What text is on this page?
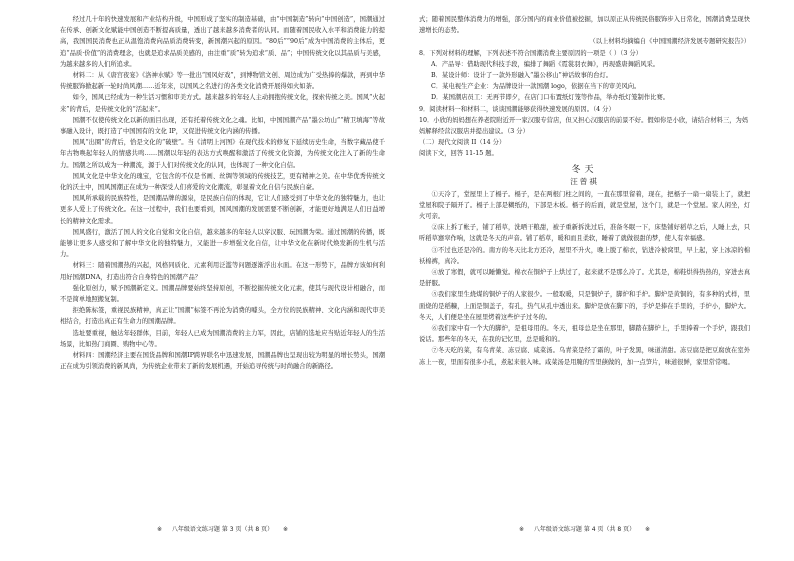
经过几十年的快速发展和产业结构升级，中国形成了坚实的制造基础，由“中国制造”转向“中国创造”，国潮通过在传承、创新文化赋能中国创造不断提高质量，透出了越来越多消费者的认同。而随着国民收入水平和消费能力的提高，我国国民消费也正从温饱消费向品质消费转变，新国潮兴起的原因。“80后”“90后”成为中国消费的主体后，更追“品质·价值”的消费理念，也就是追求品质美感的，由注重“质”转为追求“质、品”；中国传统文化以其品质与美感，为越来越多的人们所追求。

材料二：从《唐宫夜宴》《洛神水赋》等一批出“国风好戏”，到博物馆文创、周边成为广受热捧的爆款，再到中华传统服饰掀起新一轮时尚风潮……近年来，以国风之名进行的各类文化消费开展得如火如荼。

如今，国风已经成为一种生活习惯和审美方式。越来越多的年轻人主动拥抱传统文化，探索传统之美。国风“火起来”的背后，是传统文化的“活起来”。

国潮不仅使传统文化以新的面目出现，还有托着传统文化之魂。比如，中国国潮产品“墨公坊山”“精卫填海”等故事融入设计，既打造了中国国有的文化 IP，又促进传统文化内涵的传播。

国风“出圈”的背后，恰是文化的“破壁”。当《清明上河图》在现代技术的修复下延续历史生命，当数字藏品使千年古物唤起年轻人的情感共鸣……国潮以年轻的表达方式唤醒和激活了传统文化资源，为传统文化注入了新的生命力。国潮之所以成为一种潮流，源于人们对传统文化的认同，也体现了一种文化自信。

国风文化是中华文化的瑰宝，它包含的不仅是书画、丝绸等领域的传统技艺，更有精神之美。在中华优秀传统文化的沃土中，国风国潮正在成为一种深受人们喜爱的文化潮流，彰显着文化自信与民族自豪。

国风所承载的民族特性，是国潮品牌的源泉，是民族自信的体现，它让人们感受到了中华文化的独特魅力，也让更多人爱上了传统文化。在这一过程中，我们也要看到，国风国潮的发展需要不断创新，才能更好地满足人们日益增长的精神文化需求。

国风盛行，激活了国人的文化自觉和文化自信，越来越多的年轻人以穿汉服、玩国潮为荣。通过国潮的传播，既能够让更多人感受和了解中华文化的独特魅力，又能进一步增强文化自信，让中华文化在新时代焕发新的生机与活力。

材料三：随着国潮热的兴起，风格同质化、元素利用泛滥等问题逐渐浮出水面。在这一形势下，品牌方该如何利用好国潮DNA，打造出符合自身特色的国潮产品？

强化原创力，赋予国潮新定义。国潮品牌要始终坚持原创，不断挖掘传统文化元素，使其与现代设计相融合，而不是简单地照搬复制。

拒绝陈标签，重视民族精神，真正让“国潮”标签不再沦为消费的噱头，全方位的民族精神、文化内涵和现代审美相结合，打造出真正有生命力的国潮品牌。

选址要重视，触达年轻群体，目前，年轻人已成为国潮消费的主力军，因此，店铺的选址应当贴近年轻人的生活场景，比如热门商圈、购物中心等。

材料四：国潮经济主要在国货品牌和国潮IP跨界联名中迅速发展，国潮品牌也呈现出较为明显的增长势头，国潮正在成为引领消费的新风尚，为传统企业带来了新的发展机遇，开始追寻传统与时尚融合的新路径。

※ 八年级语文练习题 第 3 页（共 8 页） ※

式；随着国民整体消费力的增强，部分国内的商业价值被挖掘，加以原正从传统民俗服饰步入日常化，国潮消费呈现快速增长的态势。

（以上材料均摘编自《中国国潮经济发展专题研究报告》）

8．下列对材料的理解，下列表述不符合国潮消费主要原因的一项是（ ）（3 分）

A．产品导：借助现代科技手段，编排了舞蹈《霓裳羽衣舞》，再现盛唐舞蹈风采。

B．某设计师：设计了一款外形融入“墨公移山”神话故事的台灯。

C．某电视生产企业：为品牌设计一款国潮 logo，依据在当下的审美风向。

D．某国潮店员工：无再节即夕，在店门口布置纸灯笼等作品，举办纸灯笼制作比赛。

9．阅读材料一和材料二，谈谈国潮能够获得快速发展的原因。（4 分）

10．小欣的妈妈想在养老院附近开一家汉服专营店，但又担心汉服店的前景不好。假如你是小欣，请结合材料三，为妈妈解释经营汉服店并提出建议。（3 分）

（二）现代文阅读 II（14 分）

阅读下文，回答 11-15 题。

冬天
汪曾祺

①天冷了，堂屋里上了槅子。槅子，是在两根门柱之间的，一直在那里留着，现在，把槅子一扇一扇装上了，就把堂屋和院子隔开了。槅子上部是糊纸的，下部是木板。槅子的后面，就是堂屋，这个门，就是一个堂屋。家人闲坐，灯火可亲。

②床上拆了帐子，铺了稻草，洗晒干粮甜，被子重新拆洗过后，准备冬眠一下，床垫铺好稻草之后，人睡上去，只听稻草窸窣作响，这就是冬天的声音。铺了稻草，暖和而且柔软，睡着了就做很甜的梦，使人有幸福感。

③不过也还是冷的。南方的冬天比北方还冷，屋里不升火，晚上脱了棉衣，钻进冷被窝里，早上起，穿上冰凉的棉袄棉裤，真冷。

④放了寒假，就可以睡懒觉。棉衣在铜炉子上烘过了，起来就不是那么冷了。尤其是，棉鞋烘得热热的，穿进去真是舒服。

⑤我们家里生烧煤的铜炉子的人家很少。一般取暖，只是铜炉子，脚炉和手炉。脚炉是黄铜的，有多种的式样，里面烧的是稻糠，上面是铜盖子，有孔，热气从孔中透出来。脚炉是放在脚下的，手炉是捧在手里的，手炉小，脚炉大。冬天，人们便是坐在屋里烤着这些炉子过冬的。

⑥我们家中有一个大的脚炉，是祖母用的。冬天，祖母总是坐在那里，脚踏在脚炉上，手里捧着一个手炉，跟我们说话。那些年的冬天，在我的记忆里，总是暖和的。

⑦冬天吃的菜，有乌青菜、冻豆腐、咸菜汤。乌青菜是经了霜的，叶子发黑，味道清甜。冻豆腐是把豆腐放在室外冻上一夜，里面有很多小孔，煮起来很入味。咸菜汤是用腌的雪里蕻做的，加一点笋片，味道很鲜，家里常常喝。

※ 八年级语文练习题 第 4 页（共 8 页） ※
